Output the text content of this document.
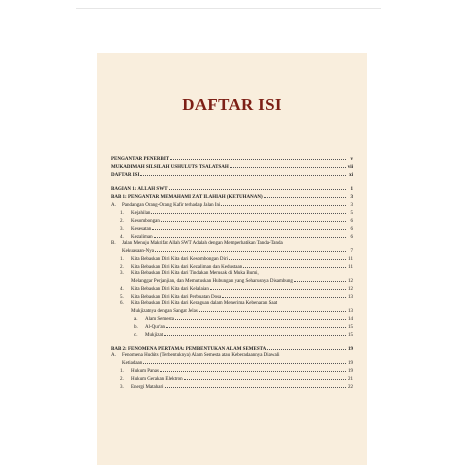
DAFTAR ISI
PENGANTAR PENERBIT	v
MUKADIMAH SILSILAH USHULUTS TSALATSAH	vii
DAFTAR ISI	xi
BAGIAN 1: ALLAH SWT	1
BAB 1: PENGANTAR MEMAHAMI ZAT ILAHIAH (KETUHANAN)	3
A.	Pandangan Orang-Orang Kafir terhadap Jalan Ini	3
1.	Kejahilan	5
2.	Kesombongan	6
3.	Kesesatan	6
4.	Kezaliman	6
B.	Jalan Menuju Makrifat Allah SWT Adalah dengan Memperhatikan Tanda-Tanda
Kekuasaan-Nya	7
1.	Kita Bebaskan Diri Kita dari Kesombongan Diri	11
2.	Kita Bebaskan Diri Kita dari Kezaliman dan Kedustaan	11
3.	Kita Bebaskan Diri Kita dari Tindakan Merusak di Muka Bumi,
Melanggar Perjanjian, dan Memutuskan Hubungan yang Seharusnya Disambung	12
4.	Kita Bebaskan Diri Kita dari Kelalaian	12
5.	Kita Bebaskan Diri Kita dari Perbuatan Dosa	13
6.	Kita Bebaskan Diri Kita dari Keraguan dalam Menerima Kebenaran Saat
Mukjizatnya dengan Sangat Jelas	13
a.	Alam Semesta	14
b.	Al-Qur'an	15
c.	Mukjizat	15
BAB 2: FENOMENA PERTAMA: PEMBENTUKAN ALAM SEMESTA	19
A.	Fenomena Hudúts (Terbentuknya) Alam Semesta atau Keberadaannya Diawali
Ketiadaan	19
1.	Hukum Panas	19
2.	Hukum Gerakan Elektron	21
3.	Energi Matahari	22
